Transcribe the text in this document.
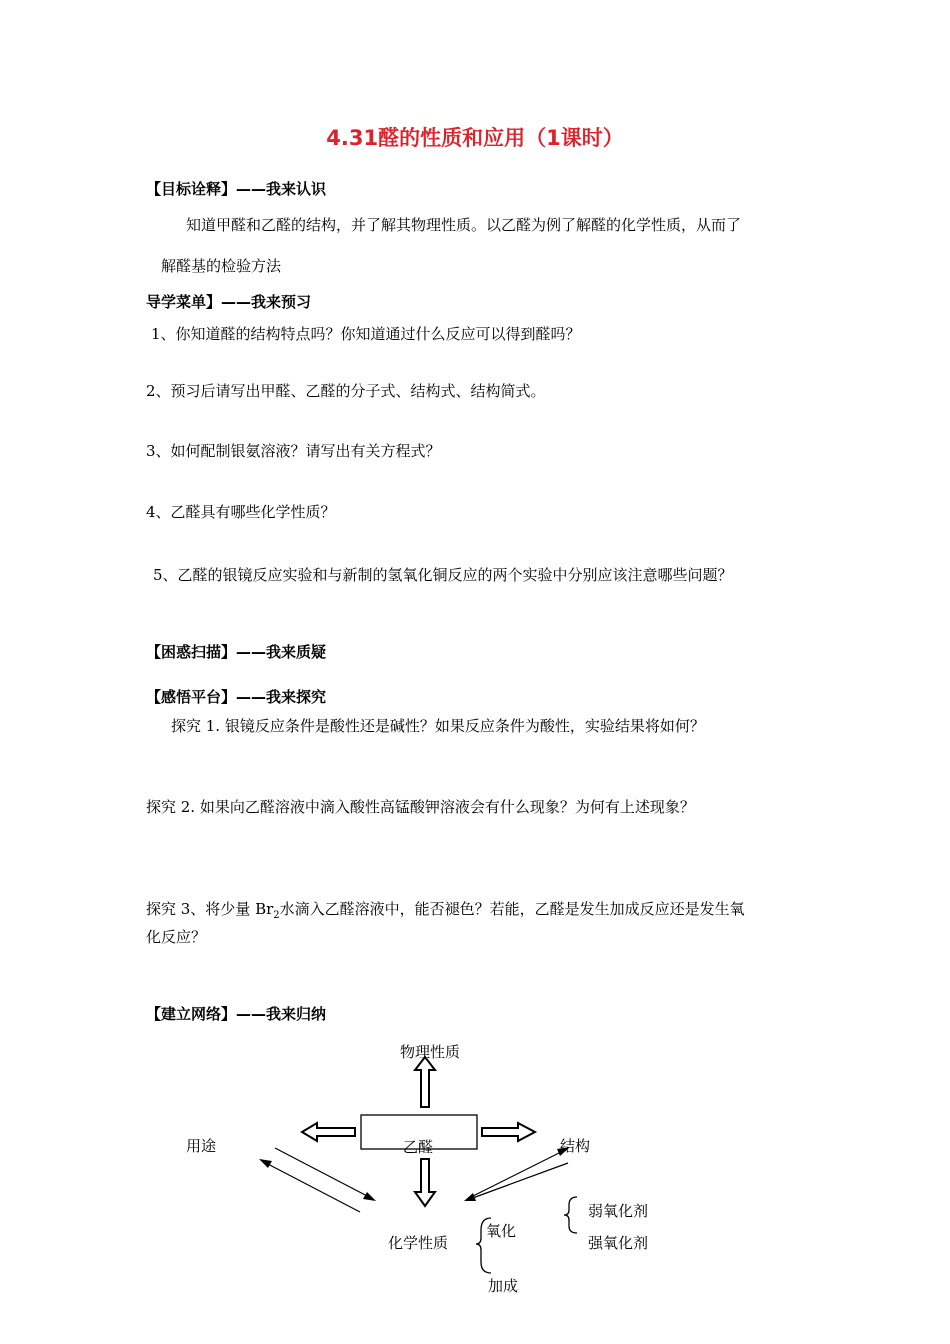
4.31醛的性质和应用（1课时）
【目标诠释】——我来认识
知道甲醛和乙醛的结构，并了解其物理性质。以乙醛为例了解醛的化学性质，从而了
解醛基的检验方法
导学菜单】——我来预习
1、你知道醛的结构特点吗？你知道通过什么反应可以得到醛吗？
2、预习后请写出甲醛、乙醛的分子式、结构式、结构简式。
3、如何配制银氨溶液？请写出有关方程式？
4、乙醛具有哪些化学性质？
5、乙醛的银镜反应实验和与新制的氢氧化铜反应的两个实验中分别应该注意哪些问题？
【困惑扫描】——我来质疑
【感悟平台】——我来探究
探究 1. 银镜反应条件是酸性还是碱性？如果反应条件为酸性，实验结果将如何？
探究 2. 如果向乙醛溶液中滴入酸性高锰酸钾溶液会有什么现象？为何有上述现象？
探究 3、将少量 $Br_2$水滴入乙醛溶液中，能否褪色？若能，乙醛是发生加成反应还是发生氧
化反应？
【建立网络】——我来归纳
物理性质
乙醛
用途	结构
化学性质
氧化
加成
弱氧化剂
强氧化剂
